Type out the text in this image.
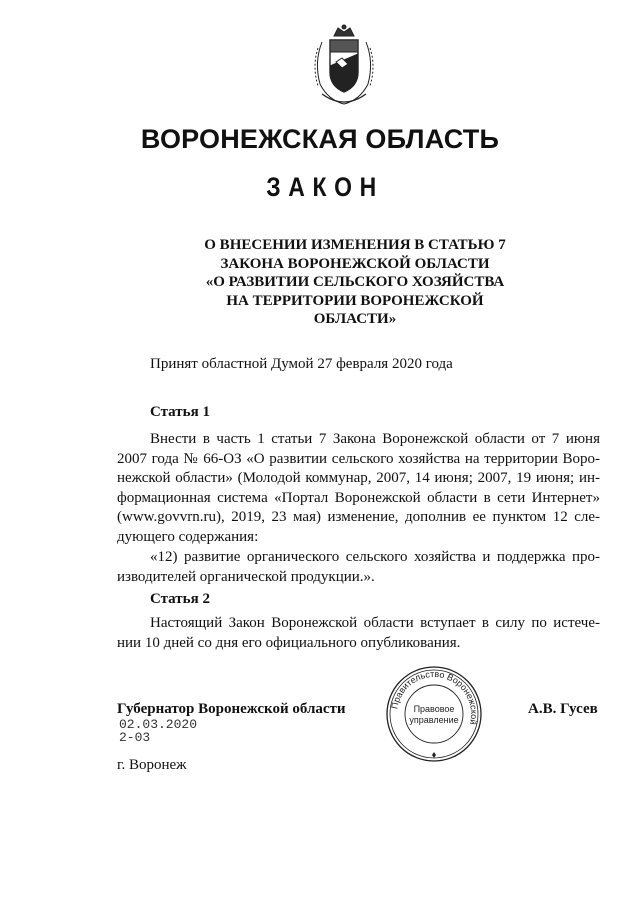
ВОРОНЕЖСКАЯ ОБЛАСТЬ
ЗАКОН
О ВНЕСЕНИИ ИЗМЕНЕНИЯ В СТАТЬЮ 7
ЗАКОНА ВОРОНЕЖСКОЙ ОБЛАСТИ
«О РАЗВИТИИ СЕЛЬСКОГО ХОЗЯЙСТВА
НА ТЕРРИТОРИИ ВОРОНЕЖСКОЙ
ОБЛАСТИ»
Принят областной Думой 27 февраля 2020 года
Статья 1
Внести в часть 1 статьи 7 Закона Воронежской области от 7 июня
2007 года № 66-ОЗ «О развитии сельского хозяйства на территории Воро-
нежской области» (Молодой коммунар, 2007, 14 июня; 2007, 19 июня; ин-
формационная система «Портал Воронежской области в сети Интернет»
(www.govvrn.ru), 2019, 23 мая) изменение, дополнив ее пунктом 12 сле-
дующего содержания:
«12) развитие органического сельского хозяйства и поддержка про-
изводителей органической продукции.».
Статья 2
Настоящий Закон Воронежской области вступает в силу по истече-
нии 10 дней со дня его официального опубликования.
Губернатор Воронежской области	А.В. Гусев
02.03.2020
2-03
г. Воронеж
Правительство Воронежской
Правовое
управление
